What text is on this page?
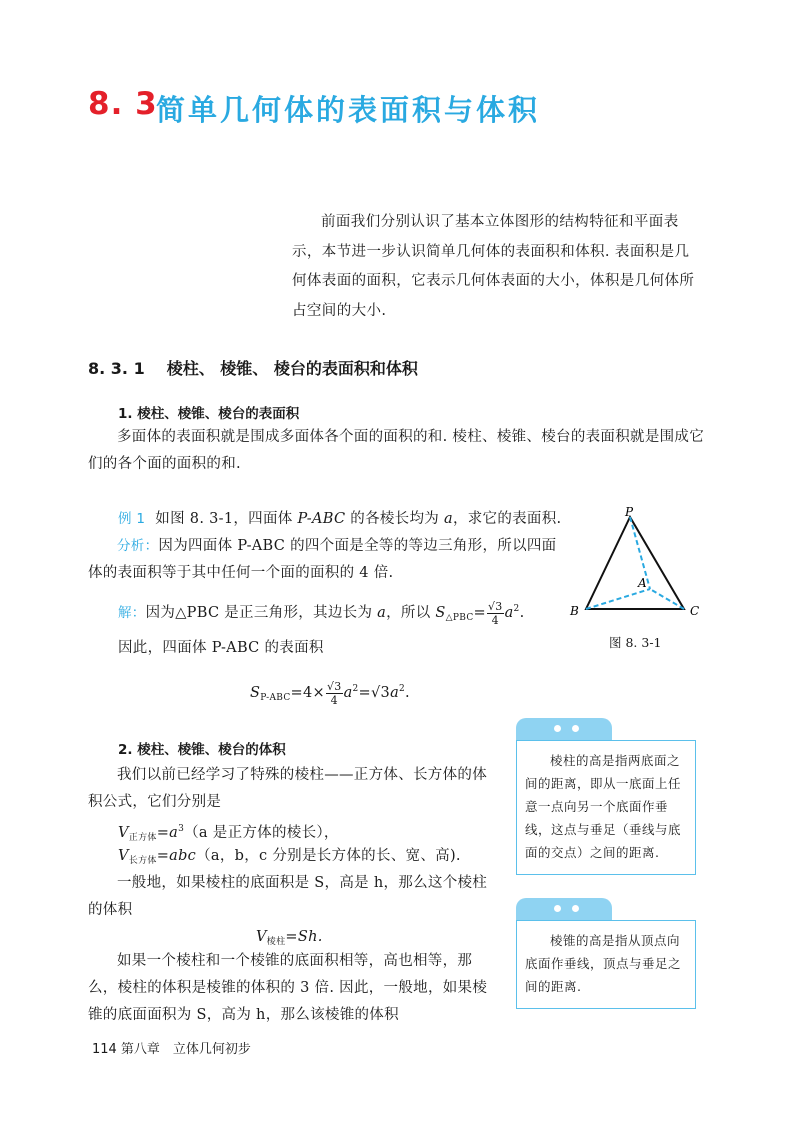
8. 3
简单几何体的表面积与体积
前面我们分别认识了基本立体图形的结构特征和平面表示，本节进一步认识简单几何体的表面积和体积. 表面积是几何体表面的面积，它表示几何体表面的大小，体积是几何体所占空间的大小.
8. 3. 1 棱柱、 棱锥、 棱台的表面积和体积
1. 棱柱、棱锥、棱台的表面积
多面体的表面积就是围成多面体各个面的面积的和. 棱柱、棱锥、棱台的表面积就是围成它们的各个面的面积的和.
例 1 如图 8. 3-1，四面体 P-ABC 的各棱长均为 a，求它的表面积.
分析：因为四面体 P-ABC 的四个面是全等的等边三角形，所以四面体的表面积等于其中任何一个面的面积的 4 倍.
解：因为△PBC 是正三角形，其边长为 a，所以 $S_{\triangle PBC}= \frac{√3}{4} a^2$.
因此，四面体 P-ABC 的表面积
$S_{P-ABC}=4\times \frac{√3}{4} a^2=√3a^2$.
P
A
B	C
图 8. 3-1
2. 棱柱、棱锥、棱台的体积
我们以前已经学习了特殊的棱柱——正方体、长方体的体积公式，它们分别是
$V_{正方体}=a^3(a$ 是正方体的棱长），
$V_{长方体}=abc(a$，b，c 分别是长方体的长、宽、高).
一般地，如果棱柱的底面积是 S，高是 h，那么这个棱柱的体积
$V_{棱柱}=Sh$.
如果一个棱柱和一个棱锥的底面积相等，高也相等，那么，棱柱的体积是棱锥的体积的 3 倍. 因此，一般地，如果棱锥的底面面积为 S，高为 h，那么该棱锥的体积
棱柱的高是指两底面之间的距离，即从一底面上任意一点向另一个底面作垂线，这点与垂足（垂线与底面的交点）之间的距离.
棱锥的高是指从顶点向底面作垂线，顶点与垂足之间的距离.
114 第八章　立体几何初步
